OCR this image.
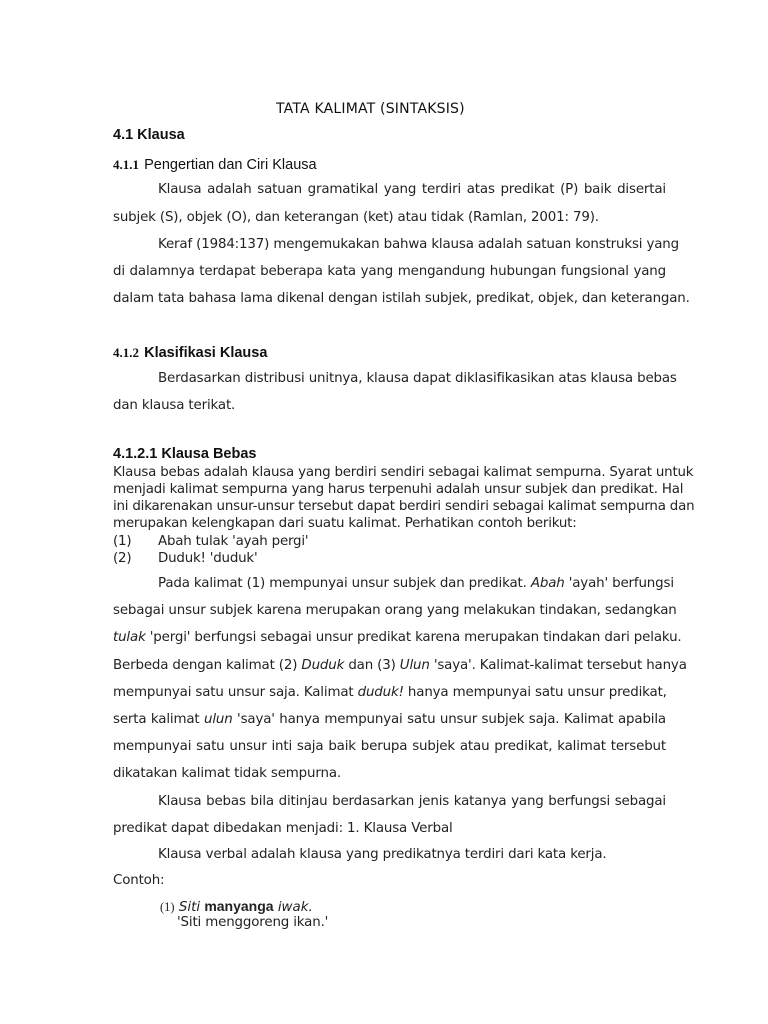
TATA KALIMAT (SINTAKSIS)
4.1 Klausa
4.1.1 Pengertian dan Ciri Klausa
Klausa adalah satuan gramatikal yang terdiri atas predikat (P) baik disertai
subjek (S), objek (O), dan keterangan (ket) atau tidak (Ramlan, 2001: 79).
Keraf (1984:137) mengemukakan bahwa klausa adalah satuan konstruksi yang
di dalamnya terdapat beberapa kata yang mengandung hubungan fungsional yang
dalam tata bahasa lama dikenal dengan istilah subjek, predikat, objek, dan keterangan.
4.1.2 Klasifikasi Klausa
Berdasarkan distribusi unitnya, klausa dapat diklasifikasikan atas klausa bebas
dan klausa terikat.
4.1.2.1 Klausa Bebas
Klausa bebas adalah klausa yang berdiri sendiri sebagai kalimat sempurna. Syarat untuk
menjadi kalimat sempurna yang harus terpenuhi adalah unsur subjek dan predikat. Hal
ini dikarenakan unsur-unsur tersebut dapat berdiri sendiri sebagai kalimat sempurna dan
merupakan kelengkapan dari suatu kalimat. Perhatikan contoh berikut:
(1) Abah tulak 'ayah pergi'
(2) Duduk! 'duduk'
Pada kalimat (1) mempunyai unsur subjek dan predikat. Abah 'ayah' berfungsi
sebagai unsur subjek karena merupakan orang yang melakukan tindakan, sedangkan
tulak 'pergi' berfungsi sebagai unsur predikat karena merupakan tindakan dari pelaku.
Berbeda dengan kalimat (2) Duduk dan (3) Ulun 'saya'. Kalimat-kalimat tersebut hanya
mempunyai satu unsur saja. Kalimat duduk! hanya mempunyai satu unsur predikat,
serta kalimat ulun 'saya' hanya mempunyai satu unsur subjek saja. Kalimat apabila
mempunyai satu unsur inti saja baik berupa subjek atau predikat, kalimat tersebut
dikatakan kalimat tidak sempurna.
Klausa bebas bila ditinjau berdasarkan jenis katanya yang berfungsi sebagai
predikat dapat dibedakan menjadi: 1. Klausa Verbal
Klausa verbal adalah klausa yang predikatnya terdiri dari kata kerja.
Contoh:
(1) Siti manyanga iwak.
'Siti menggoreng ikan.'
